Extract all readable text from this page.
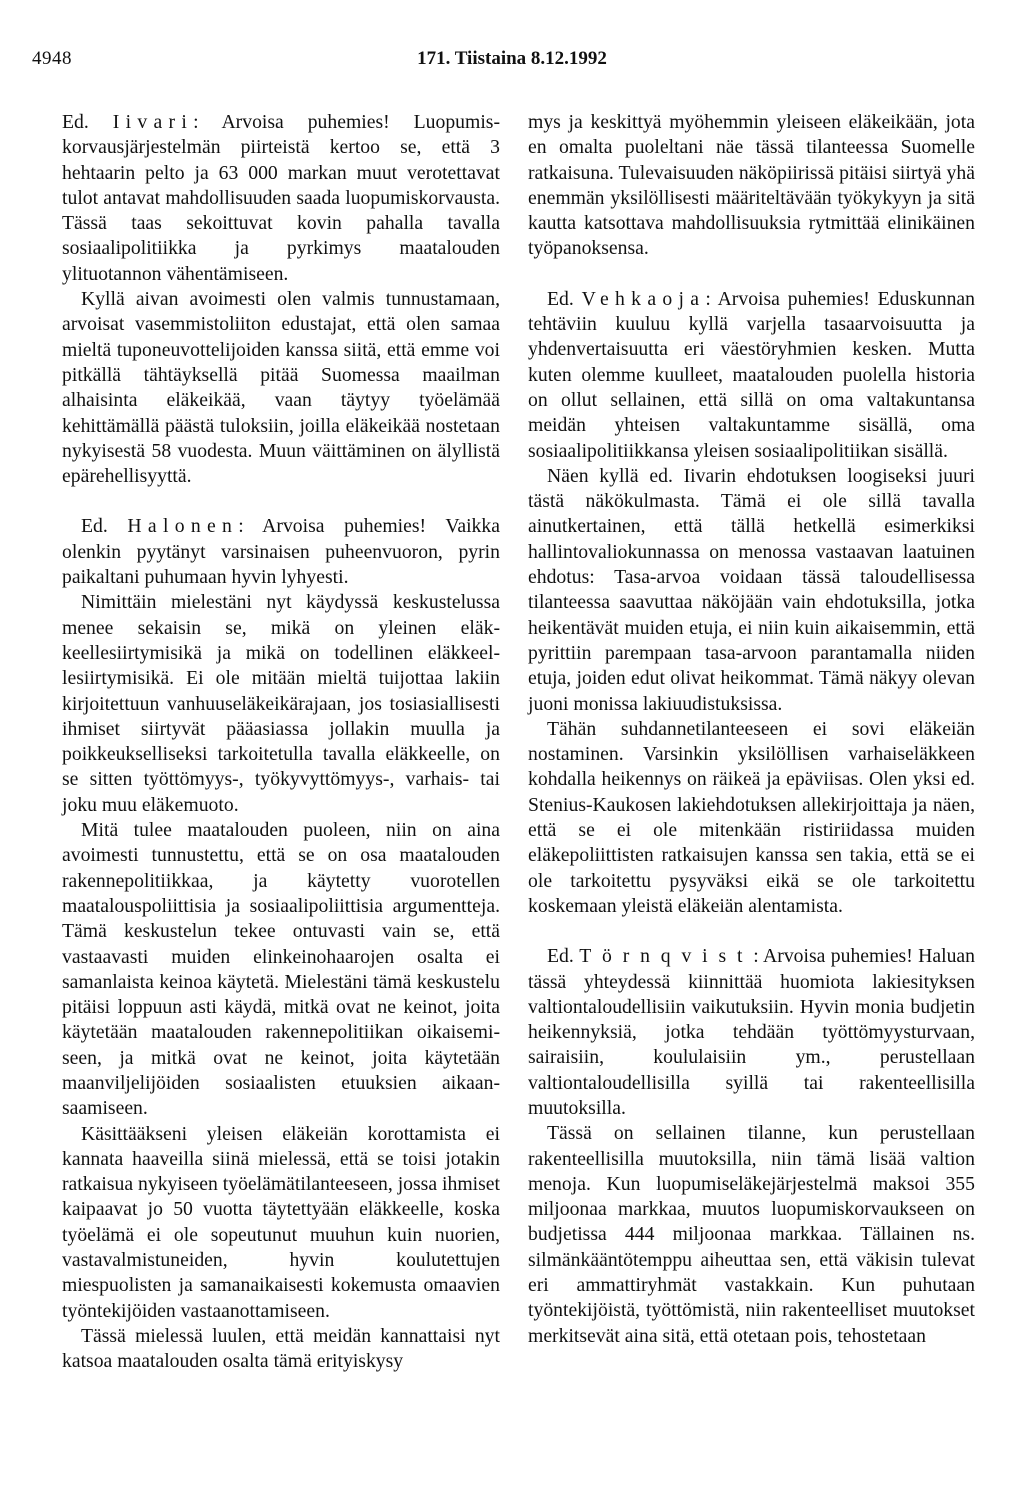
4948	171. Tiistaina 8.12.1992

Ed. Iivari: Arvoisa puhemies! Luopumiskorvausjärjestelmän piirteistä kertoo se, että 3 hehtaarin pelto ja 63 000 markan muut verotettavat tulot antavat mahdollisuuden saada luopumiskorvausta. Tässä taas sekoittuvat kovin pahalla tavalla sosiaalipolitiikka ja pyrkimys maatalouden ylituotannon vähentämiseen.

Kyllä aivan avoimesti olen valmis tunnustamaan, arvoisat vasemmistoliiton edustajat, että olen samaa mieltä tuponeuvottelijoiden kanssa siitä, että emme voi pitkällä tähtäyksellä pitää Suomessa maailman alhaisinta eläkeikää, vaan täytyy työelämää kehittämällä päästä tuloksiin, joilla eläkeikää nostetaan nykyisestä 58 vuodesta. Muun väittäminen on älyllistä epärehellisyyttä.

Ed. Halonen: Arvoisa puhemies! Vaikka olenkin pyytänyt varsinaisen puheenvuoron, pyrin paikaltani puhumaan hyvin lyhyesti.

Nimittäin mielestäni nyt käydyssä keskustelussa menee sekaisin se, mikä on yleinen eläkkeellesiirtymisikä ja mikä on todellinen eläkkeellesiirtymisikä. Ei ole mitään mieltä tuijottaa lakiin kirjoitettuun vanhuuseläkeikärajaan, jos tosiasiallisesti ihmiset siirtyvät pääasiassa jollakin muulla ja poikkeukselliseksi tarkoitetulla tavalla eläkkeelle, on se sitten työttömyys-, työkyvyttömyys-, varhais- tai joku muu eläkemuoto.

Mitä tulee maatalouden puoleen, niin on aina avoimesti tunnustettu, että se on osa maatalouden rakennepolitiikkaa, ja käytetty vuorotellen maatalouspoliittisia ja sosiaalipoliittisia argumentteja. Tämä keskustelun tekee ontuvasti vain se, että vastaavasti muiden elinkeinohaarojen osalta ei samanlaista keinoa käytetä. Mielestäni tämä keskustelu pitäisi loppuun asti käydä, mitkä ovat ne keinot, joita käytetään maatalouden rakennepolitiikan oikaisemiseen, ja mitkä ovat ne keinot, joita käytetään maanviljelijöiden sosiaalisten etuuksien aikaansaamiseen.

Käsittääkseni yleisen eläkeiän korottamista ei kannata haaveilla siinä mielessä, että se toisi jotakin ratkaisua nykyiseen työelämätilanteeseen, jossa ihmiset kaipaavat jo 50 vuotta täytettyään eläkkeelle, koska työelämä ei ole sopeutunut muuhun kuin nuorien, vastavalmistuneiden, hyvin koulutettujen miespuolisten ja samanaikaisesti kokemusta omaavien työntekijöiden vastaanottamiseen.

Tässä mielessä luulen, että meidän kannattaisi nyt katsoa maatalouden osalta tämä erityiskysy

mys ja keskittyä myöhemmin yleiseen eläkeikään, jota en omalta puoleltani näe tässä tilanteessa Suomelle ratkaisuna. Tulevaisuuden näköpiirissä pitäisi siirtyä yhä enemmän yksilöllisesti määriteltävään työkykyyn ja sitä kautta katsottava mahdollisuuksia rytmittää elinikäinen työpanoksensa.

Ed. Vehkaoja: Arvoisa puhemies! Eduskunnan tehtäviin kuuluu kyllä varjella tasaarvoisuutta ja yhdenvertaisuutta eri väestöryhmien kesken. Mutta kuten olemme kuulleet, maatalouden puolella historia on ollut sellainen, että sillä on oma valtakuntansa meidän yhteisen valtakuntamme sisällä, oma sosiaalipolitiikkansa yleisen sosiaalipolitiikan sisällä.

Näen kyllä ed. Iivarin ehdotuksen loogiseksi juuri tästä näkökulmasta. Tämä ei ole sillä tavalla ainutkertainen, että tällä hetkellä esimerkiksi hallintovaliokunnassa on menossa vastaavan laatuinen ehdotus: Tasa-arvoa voidaan tässä taloudellisessa tilanteessa saavuttaa näköjään vain ehdotuksilla, jotka heikentävät muiden etuja, ei niin kuin aikaisemmin, että pyrittiin parempaan tasa-arvoon parantamalla niiden etuja, joiden edut olivat heikommat. Tämä näkyy olevan juoni monissa lakiuudistuksissa.

Tähän suhdannetilanteeseen ei sovi eläkeiän nostaminen. Varsinkin yksilöllisen varhaiseläkkeen kohdalla heikennys on räikeä ja epäviisas. Olen yksi ed. Stenius-Kaukosen lakiehdotuksen allekirjoittaja ja näen, että se ei ole mitenkään ristiriidassa muiden eläkepoliittisten ratkaisujen kanssa sen takia, että se ei ole tarkoitettu pysyväksi eikä se ole tarkoitettu koskemaan yleistä eläkeiän alentamista.

Ed. Törnqvist: Arvoisa puhemies! Haluan tässä yhteydessä kiinnittää huomiota lakiesityksen valtiontaloudellisiin vaikutuksiin. Hyvin monia budjetin heikennyksiä, jotka tehdään työttömyysturvaan, sairaisiin, koululaisiin ym., perustellaan valtiontaloudellisilla syillä tai rakenteellisilla muutoksilla.

Tässä on sellainen tilanne, kun perustellaan rakenteellisilla muutoksilla, niin tämä lisää valtion menoja. Kun luopumiseläkejärjestelmä maksoi 355 miljoonaa markkaa, muutos luopumiskorvaukseen on budjetissa 444 miljoonaa markkaa. Tällainen ns. silmänkääntötemppu aiheuttaa sen, että väkisin tulevat eri ammattiryhmät vastakkain. Kun puhutaan työntekijöistä, työttömistä, niin rakenteelliset muutokset merkitsevät aina sitä, että otetaan pois, tehostetaan
